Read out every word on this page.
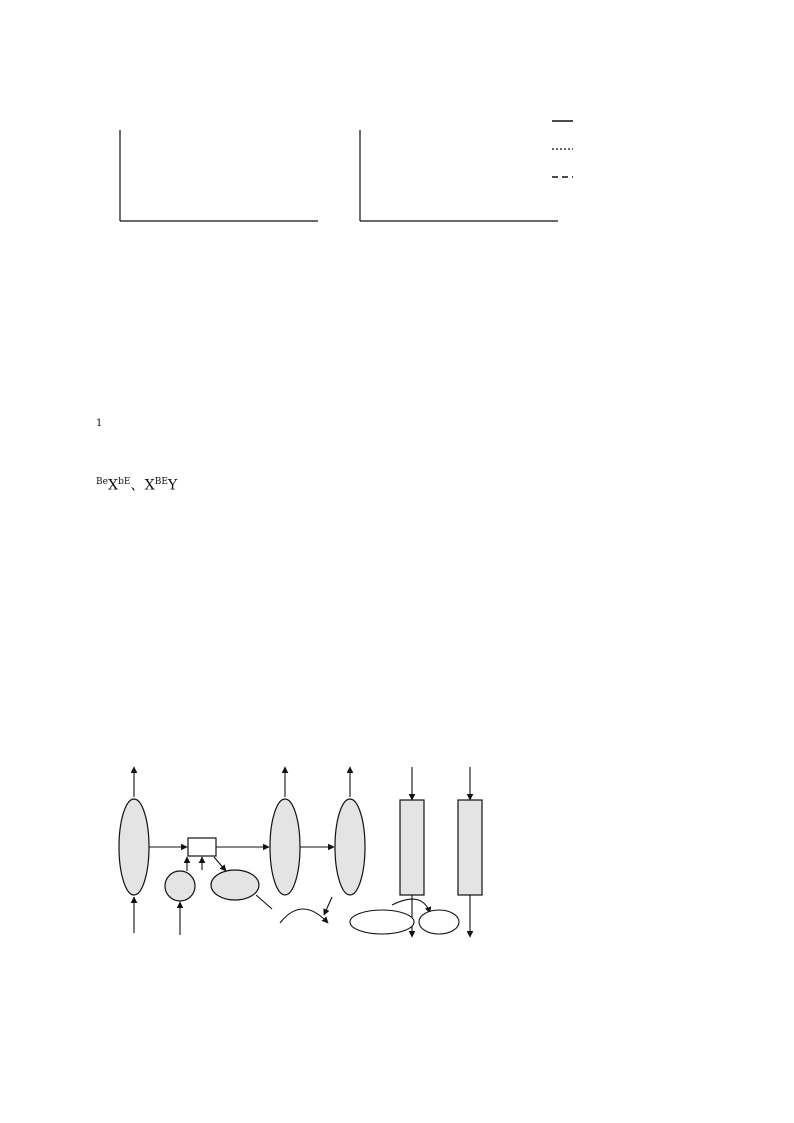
$_1$
$^{Be}X^{bE}$、$X^{BE}Y$
